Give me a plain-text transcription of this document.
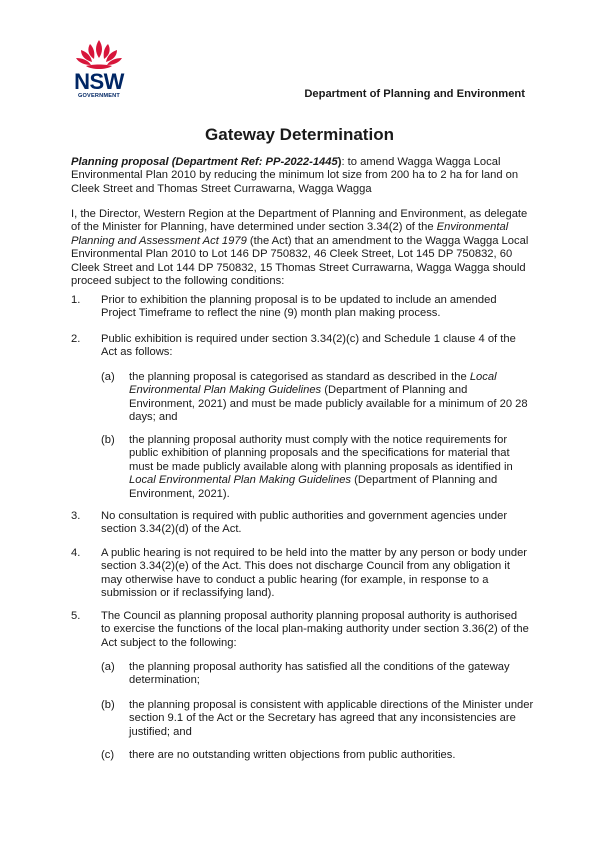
NSW
GOVERNMENT	Department of Planning and Environment
Gateway Determination
Planning proposal (Department Ref: PP-2022-1445): to amend Wagga Wagga Local Environmental Plan 2010 by reducing the minimum lot size from 200 ha to 2 ha for land on Cleek Street and Thomas Street Currawarna, Wagga Wagga
I, the Director, Western Region at the Department of Planning and Environment, as delegate of the Minister for Planning, have determined under section 3.34(2) of the Environmental Planning and Assessment Act 1979 (the Act) that an amendment to the Wagga Wagga Local Environmental Plan 2010 to Lot 146 DP 750832, 46 Cleek Street, Lot 145 DP 750832, 60 Cleek Street and Lot 144 DP 750832, 15 Thomas Street Currawarna, Wagga Wagga should proceed subject to the following conditions:
1. Prior to exhibition the planning proposal is to be updated to include an amended Project Timeframe to reflect the nine (9) month plan making process.
2. Public exhibition is required under section 3.34(2)(c) and Schedule 1 clause 4 of the Act as follows:
(a) the planning proposal is categorised as standard as described in the Local Environmental Plan Making Guidelines (Department of Planning and Environment, 2021) and must be made publicly available for a minimum of 20 28 days; and
(b) the planning proposal authority must comply with the notice requirements for public exhibition of planning proposals and the specifications for material that must be made publicly available along with planning proposals as identified in Local Environmental Plan Making Guidelines (Department of Planning and Environment, 2021).
3. No consultation is required with public authorities and government agencies under section 3.34(2)(d) of the Act.
4. A public hearing is not required to be held into the matter by any person or body under section 3.34(2)(e) of the Act. This does not discharge Council from any obligation it may otherwise have to conduct a public hearing (for example, in response to a submission or if reclassifying land).
5. The Council as planning proposal authority planning proposal authority is authorised to exercise the functions of the local plan-making authority under section 3.36(2) of the Act subject to the following:
(a) the planning proposal authority has satisfied all the conditions of the gateway determination;
(b) the planning proposal is consistent with applicable directions of the Minister under section 9.1 of the Act or the Secretary has agreed that any inconsistencies are justified; and
(c) there are no outstanding written objections from public authorities.
